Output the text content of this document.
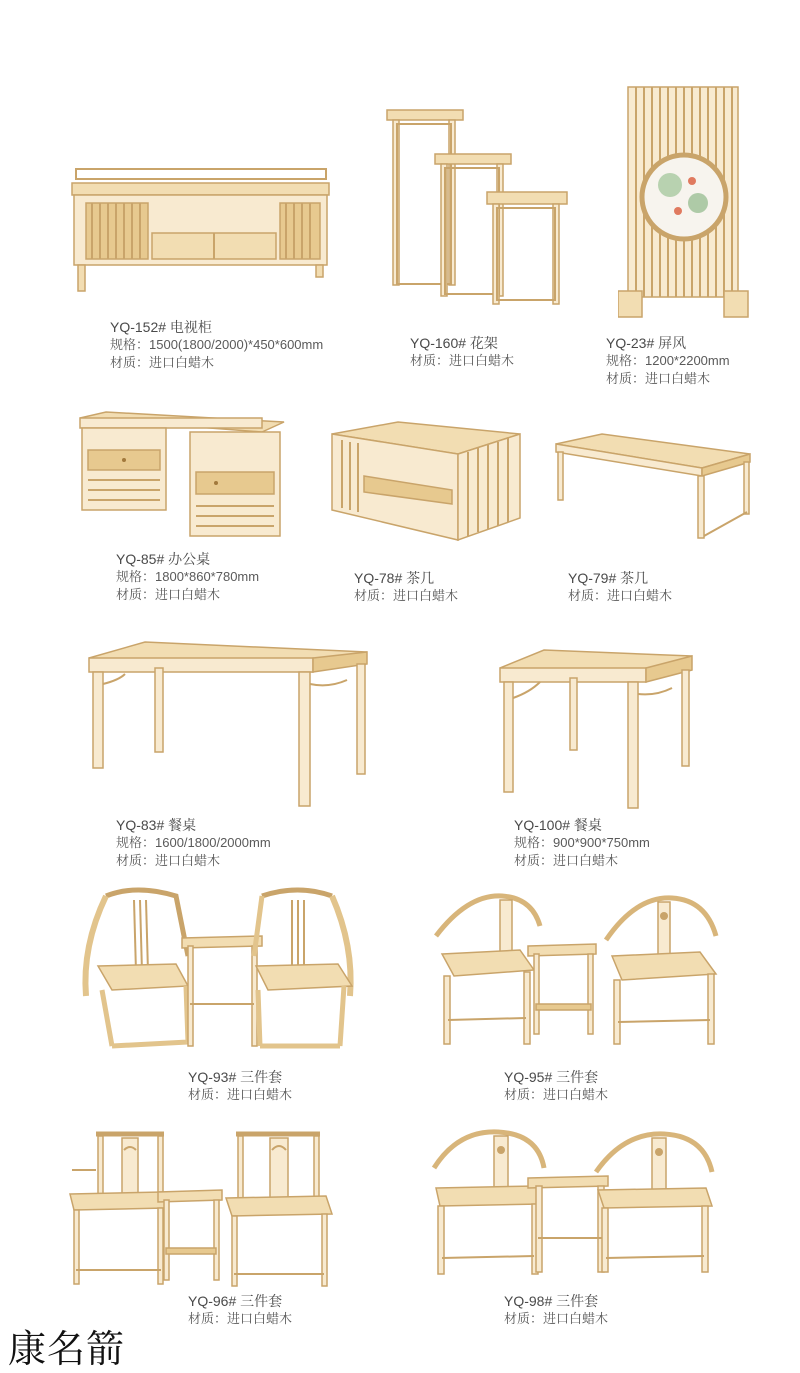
YQ-152# 电视柜
规格：1500(1800/2000)*450*600mm
材质：进口白蜡木
YQ-160# 花架
材质：进口白蜡木
YQ-23# 屏风
规格：1200*2200mm
材质：进口白蜡木
YQ-85# 办公桌
规格：1800*860*780mm
材质：进口白蜡木
YQ-78# 茶几
材质：进口白蜡木
YQ-79# 茶几
材质：进口白蜡木
YQ-83# 餐桌
规格：1600/1800/2000mm
材质：进口白蜡木
YQ-100# 餐桌
规格：900*900*750mm
材质：进口白蜡木
YQ-93# 三件套
材质：进口白蜡木
YQ-95# 三件套
材质：进口白蜡木
YQ-96# 三件套
材质：进口白蜡木
YQ-98# 三件套
材质：进口白蜡木
康名箭
